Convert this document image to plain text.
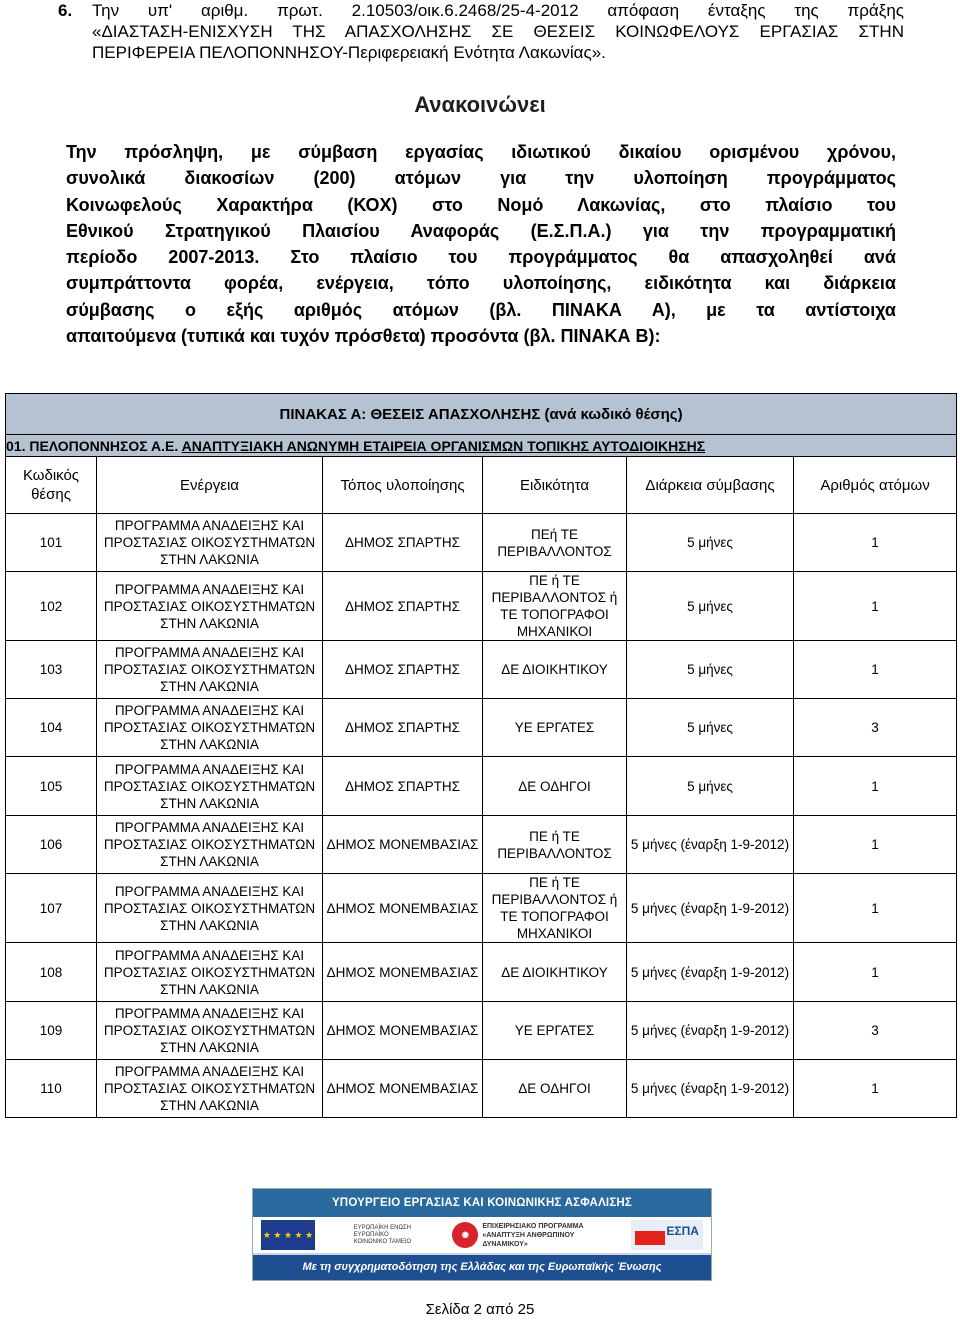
6. Την υπ' αριθμ. πρωτ. 2.10503/οικ.6.2468/25-4-2012 απόφαση ένταξης της πράξης
«ΔΙΑΣΤΑΣΗ-ΕΝΙΣΧΥΣΗ ΤΗΣ ΑΠΑΣΧΟΛΗΣΗΣ ΣΕ ΘΕΣΕΙΣ ΚΟΙΝΩΦΕΛΟΥΣ ΕΡΓΑΣΙΑΣ ΣΤΗΝ
ΠΕΡΙΦΕΡΕΙΑ ΠΕΛΟΠΟΝΝΗΣΟΥ-Περιφερειακή Ενότητα Λακωνίας».
Ανακοινώνει
Την πρόσληψη, με σύμβαση εργασίας ιδιωτικού δικαίου ορισμένου χρόνου,
συνολικά διακοσίων (200) ατόμων για την υλοποίηση προγράμματος
Κοινωφελούς Χαρακτήρα (ΚΟΧ) στο Νομό Λακωνίας, στο πλαίσιο του
Εθνικού Στρατηγικού Πλαισίου Αναφοράς (Ε.Σ.Π.Α.) για την προγραμματική
περίοδο 2007-2013. Στο πλαίσιο του προγράμματος θα απασχοληθεί ανά
συμπράττοντα φορέα, ενέργεια, τόπο υλοποίησης, ειδικότητα και διάρκεια
σύμβασης ο εξής αριθμός ατόμων (βλ. ΠΙΝΑΚΑ Α), με τα αντίστοιχα
απαιτούμενα (τυπικά και τυχόν πρόσθετα) προσόντα (βλ. ΠΙΝΑΚΑ Β):
ΠΙΝΑΚΑΣ Α: ΘΕΣΕΙΣ ΑΠΑΣΧΟΛΗΣΗΣ (ανά κωδικό θέσης)					
01. ΠΕΛΟΠΟΝΝΗΣΟΣ Α.Ε. ΑΝΑΠΤΥΞΙΑΚΗ ΑΝΩΝΥΜΗ ΕΤΑΙΡΕΙΑ ΟΡΓΑΝΙΣΜΩΝ ΤΟΠΙΚΗΣ ΑΥΤΟΔΙΟΙΚΗΣΗΣ					
Κωδικός θέσης	Ενέργεια	Τόπος υλοποίησης	Ειδικότητα	Διάρκεια σύμβασης	Αριθμός ατόμων
101	ΠΡΟΓΡΑΜΜΑ ΑΝΑΔΕΙΞΗΣ ΚΑΙ ΠΡΟΣΤΑΣΙΑΣ ΟΙΚΟΣΥΣΤΗΜΑΤΩΝ ΣΤΗΝ ΛΑΚΩΝΙΑ	ΔΗΜΟΣ ΣΠΑΡΤΗΣ	ΠΕή ΤΕ ΠΕΡΙΒΑΛΛΟΝΤΟΣ	5 μήνες	1
102	ΠΡΟΓΡΑΜΜΑ ΑΝΑΔΕΙΞΗΣ ΚΑΙ ΠΡΟΣΤΑΣΙΑΣ ΟΙΚΟΣΥΣΤΗΜΑΤΩΝ ΣΤΗΝ ΛΑΚΩΝΙΑ	ΔΗΜΟΣ ΣΠΑΡΤΗΣ	ΠΕ ή ΤΕ ΠΕΡΙΒΑΛΛΟΝΤΟΣ ή ΤΕ ΤΟΠΟΓΡΑΦΟΙ ΜΗΧΑΝΙΚΟΙ	5 μήνες	1
103	ΠΡΟΓΡΑΜΜΑ ΑΝΑΔΕΙΞΗΣ ΚΑΙ ΠΡΟΣΤΑΣΙΑΣ ΟΙΚΟΣΥΣΤΗΜΑΤΩΝ ΣΤΗΝ ΛΑΚΩΝΙΑ	ΔΗΜΟΣ ΣΠΑΡΤΗΣ	ΔΕ ΔΙΟΙΚΗΤΙΚΟΥ	5 μήνες	1
104	ΠΡΟΓΡΑΜΜΑ ΑΝΑΔΕΙΞΗΣ ΚΑΙ ΠΡΟΣΤΑΣΙΑΣ ΟΙΚΟΣΥΣΤΗΜΑΤΩΝ ΣΤΗΝ ΛΑΚΩΝΙΑ	ΔΗΜΟΣ ΣΠΑΡΤΗΣ	ΥΕ ΕΡΓΑΤΕΣ	5 μήνες	3
105	ΠΡΟΓΡΑΜΜΑ ΑΝΑΔΕΙΞΗΣ ΚΑΙ ΠΡΟΣΤΑΣΙΑΣ ΟΙΚΟΣΥΣΤΗΜΑΤΩΝ ΣΤΗΝ ΛΑΚΩΝΙΑ	ΔΗΜΟΣ ΣΠΑΡΤΗΣ	ΔΕ ΟΔΗΓΟΙ	5 μήνες	1
106	ΠΡΟΓΡΑΜΜΑ ΑΝΑΔΕΙΞΗΣ ΚΑΙ ΠΡΟΣΤΑΣΙΑΣ ΟΙΚΟΣΥΣΤΗΜΑΤΩΝ ΣΤΗΝ ΛΑΚΩΝΙΑ	ΔΗΜΟΣ ΜΟΝΕΜΒΑΣΙΑΣ	ΠΕ ή ΤΕ ΠΕΡΙΒΑΛΛΟΝΤΟΣ	5 μήνες (έναρξη 1-9-2012)	1
107	ΠΡΟΓΡΑΜΜΑ ΑΝΑΔΕΙΞΗΣ ΚΑΙ ΠΡΟΣΤΑΣΙΑΣ ΟΙΚΟΣΥΣΤΗΜΑΤΩΝ ΣΤΗΝ ΛΑΚΩΝΙΑ	ΔΗΜΟΣ ΜΟΝΕΜΒΑΣΙΑΣ	ΠΕ ή ΤΕ ΠΕΡΙΒΑΛΛΟΝΤΟΣ ή ΤΕ ΤΟΠΟΓΡΑΦΟΙ ΜΗΧΑΝΙΚΟΙ	5 μήνες (έναρξη 1-9-2012)	1
108	ΠΡΟΓΡΑΜΜΑ ΑΝΑΔΕΙΞΗΣ ΚΑΙ ΠΡΟΣΤΑΣΙΑΣ ΟΙΚΟΣΥΣΤΗΜΑΤΩΝ ΣΤΗΝ ΛΑΚΩΝΙΑ	ΔΗΜΟΣ ΜΟΝΕΜΒΑΣΙΑΣ	ΔΕ ΔΙΟΙΚΗΤΙΚΟΥ	5 μήνες (έναρξη 1-9-2012)	1
109	ΠΡΟΓΡΑΜΜΑ ΑΝΑΔΕΙΞΗΣ ΚΑΙ ΠΡΟΣΤΑΣΙΑΣ ΟΙΚΟΣΥΣΤΗΜΑΤΩΝ ΣΤΗΝ ΛΑΚΩΝΙΑ	ΔΗΜΟΣ ΜΟΝΕΜΒΑΣΙΑΣ	ΥΕ ΕΡΓΑΤΕΣ	5 μήνες (έναρξη 1-9-2012)	3
110	ΠΡΟΓΡΑΜΜΑ ΑΝΑΔΕΙΞΗΣ ΚΑΙ ΠΡΟΣΤΑΣΙΑΣ ΟΙΚΟΣΥΣΤΗΜΑΤΩΝ ΣΤΗΝ ΛΑΚΩΝΙΑ	ΔΗΜΟΣ ΜΟΝΕΜΒΑΣΙΑΣ	ΔΕ ΟΔΗΓΟΙ	5 μήνες (έναρξη 1-9-2012)	1
ΥΠΟΥΡΓΕΙΟ ΕΡΓΑΣΙΑΣ ΚΑΙ ΚΟΙΝΩΝΙΚΗΣ ΑΣΦΑΛΙΣΗΣ
★ ★ ★ ★ ★
ΕΥΡΩΠΑΪΚΗ ΕΝΩΣΗ ΕΥΡΩΠΑΪΚΟ ΚΟΙΝΩΝΙΚΟ ΤΑΜΕΙΟ
◉
ΕΠΙΧΕΙΡΗΣΙΑΚΟ ΠΡΟΓΡΑΜΜΑ «ΑΝΑΠΤΥΞΗ ΑΝΘΡΩΠΙΝΟΥ ΔΥΝΑΜΙΚΟΥ»
ΕΣΠΑ
Με τη συγχρηματοδότηση της Ελλάδας και της Ευρωπαϊκής Ένωσης
Σελίδα 2 από 25
